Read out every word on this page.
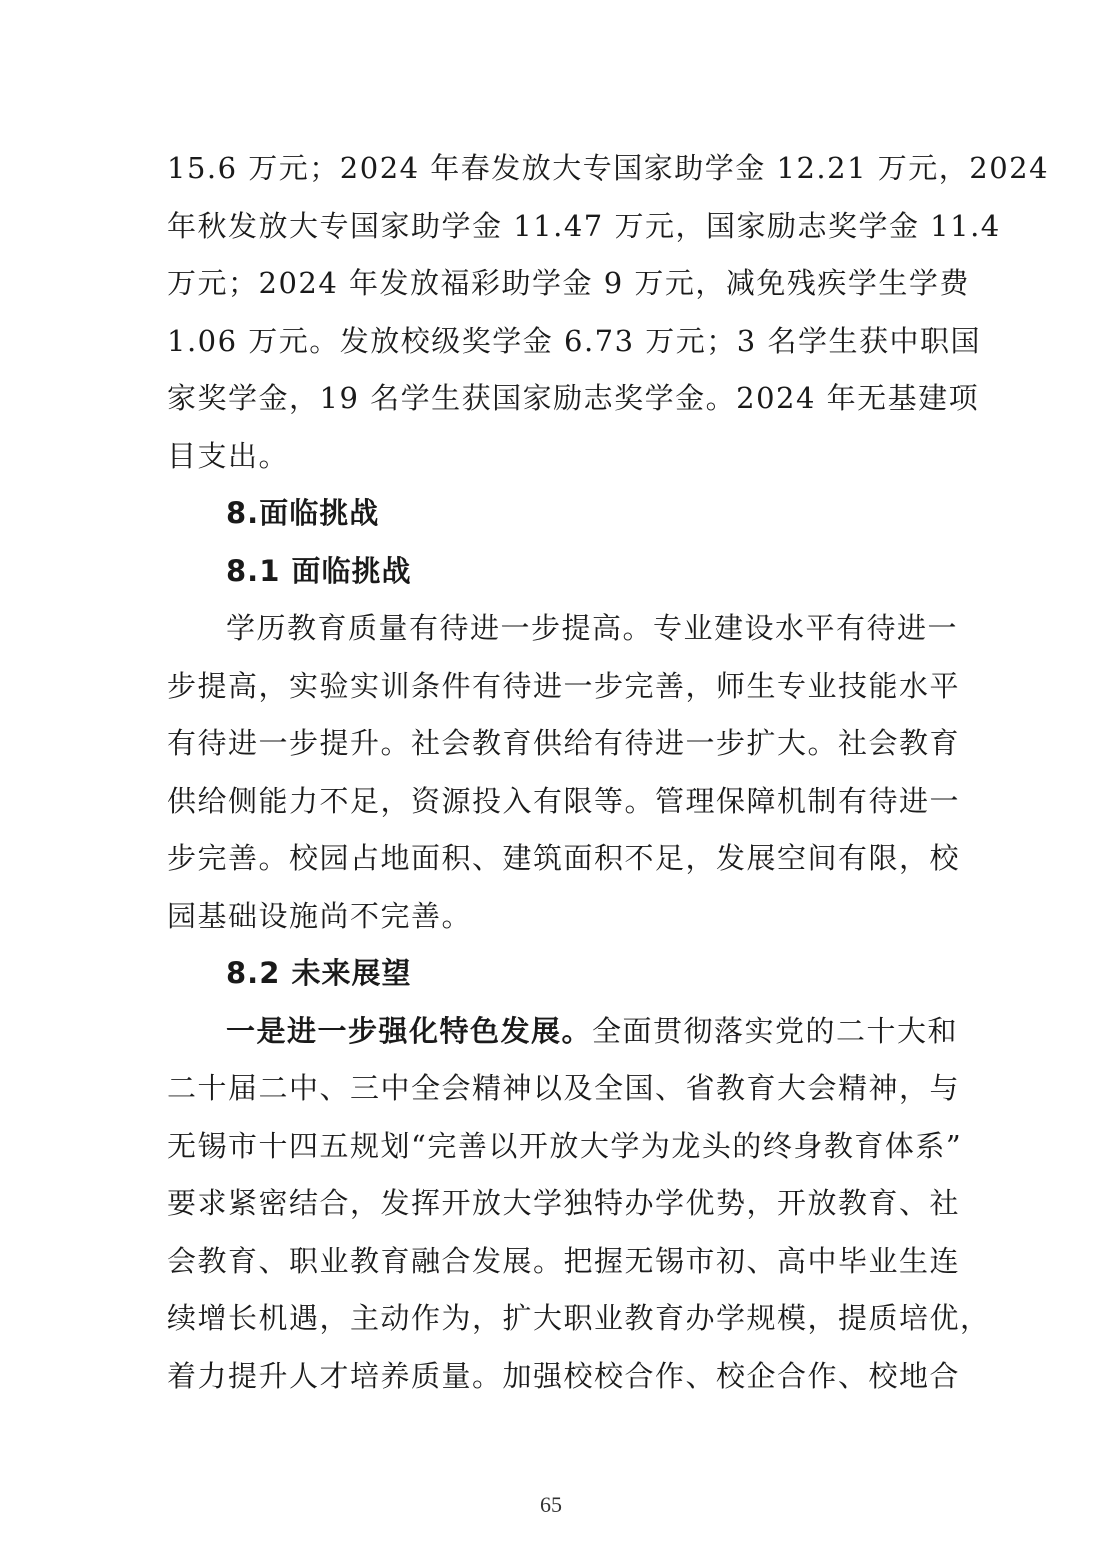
15.6 万元；2024 年春发放大专国家助学金 12.21 万元，2024
年秋发放大专国家助学金 11.47 万元，国家励志奖学金 11.4
万元；2024 年发放福彩助学金 9 万元，减免残疾学生学费
1.06 万元。发放校级奖学金 6.73 万元；3 名学生获中职国
家奖学金，19 名学生获国家励志奖学金。2024 年无基建项
目支出。
8.面临挑战
8.1 面临挑战
学历教育质量有待进一步提高。专业建设水平有待进一
步提高，实验实训条件有待进一步完善，师生专业技能水平
有待进一步提升。社会教育供给有待进一步扩大。社会教育
供给侧能力不足，资源投入有限等。管理保障机制有待进一
步完善。校园占地面积、建筑面积不足，发展空间有限，校
园基础设施尚不完善。
8.2 未来展望
一是进一步强化特色发展。全面贯彻落实党的二十大和
二十届二中、三中全会精神以及全国、省教育大会精神，与
无锡市十四五规划“完善以开放大学为龙头的终身教育体系”
要求紧密结合，发挥开放大学独特办学优势，开放教育、社
会教育、职业教育融合发展。把握无锡市初、高中毕业生连
续增长机遇，主动作为，扩大职业教育办学规模，提质培优，
着力提升人才培养质量。加强校校合作、校企合作、校地合
65
